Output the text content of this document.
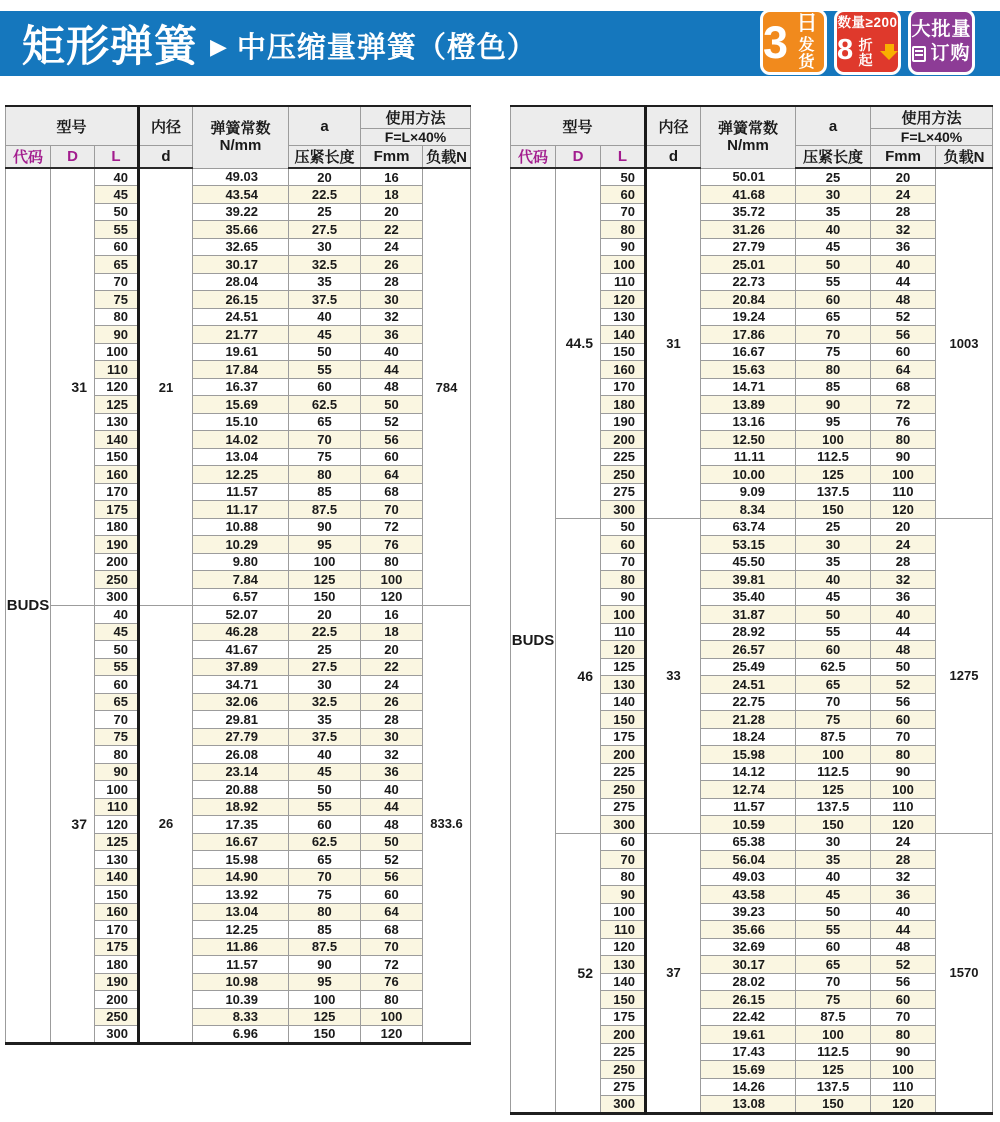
矩形弹簧 ▶ 中压缩量弹簧（橙色）	3 日
发货
数量≥200
8 折起
大批量
订购
型号			内径	弹簧常数
N/mm	a	使用方法	
						F=L×40%	
代码	D	L	d		压紧长度	Fmm	负载N
BUDS	31	40	21	49.03	20	16	784
		45		43.54	22.5	18	
		50		39.22	25	20	
		55		35.66	27.5	22	
		60		32.65	30	24	
		65		30.17	32.5	26	
		70		28.04	35	28	
		75		26.15	37.5	30	
		80		24.51	40	32	
		90		21.77	45	36	
		100		19.61	50	40	
		110		17.84	55	44	
		120		16.37	60	48	
		125		15.69	62.5	50	
		130		15.10	65	52	
		140		14.02	70	56	
		150		13.04	75	60	
		160		12.25	80	64	
		170		11.57	85	68	
		175		11.17	87.5	70	
		180		10.88	90	72	
		190		10.29	95	76	
		200		9.80	100	80	
		250		7.84	125	100	
		300		6.57	150	120	
	37	40	26	52.07	20	16	833.6
		45		46.28	22.5	18	
		50		41.67	25	20	
		55		37.89	27.5	22	
		60		34.71	30	24	
		65		32.06	32.5	26	
		70		29.81	35	28	
		75		27.79	37.5	30	
		80		26.08	40	32	
		90		23.14	45	36	
		100		20.88	50	40	
		110		18.92	55	44	
		120		17.35	60	48	
		125		16.67	62.5	50	
		130		15.98	65	52	
		140		14.90	70	56	
		150		13.92	75	60	
		160		13.04	80	64	
		170		12.25	85	68	
		175		11.86	87.5	70	
		180		11.57	90	72	
		190		10.98	95	76	
		200		10.39	100	80	
		250		8.33	125	100	
		300		6.96	150	120	
型号			内径	弹簧常数
N/mm	a	使用方法	
						F=L×40%	
代码	D	L	d		压紧长度	Fmm	负载N
BUDS	44.5	50	31	50.01	25	20	1003
		60		41.68	30	24	
		70		35.72	35	28	
		80		31.26	40	32	
		90		27.79	45	36	
		100		25.01	50	40	
		110		22.73	55	44	
		120		20.84	60	48	
		130		19.24	65	52	
		140		17.86	70	56	
		150		16.67	75	60	
		160		15.63	80	64	
		170		14.71	85	68	
		180		13.89	90	72	
		190		13.16	95	76	
		200		12.50	100	80	
		225		11.11	112.5	90	
		250		10.00	125	100	
		275		9.09	137.5	110	
		300		8.34	150	120	
	46	50	33	63.74	25	20	1275
		60		53.15	30	24	
		70		45.50	35	28	
		80		39.81	40	32	
		90		35.40	45	36	
		100		31.87	50	40	
		110		28.92	55	44	
		120		26.57	60	48	
		125		25.49	62.5	50	
		130		24.51	65	52	
		140		22.75	70	56	
		150		21.28	75	60	
		175		18.24	87.5	70	
		200		15.98	100	80	
		225		14.12	112.5	90	
		250		12.74	125	100	
		275		11.57	137.5	110	
		300		10.59	150	120	
	52	60	37	65.38	30	24	1570
		70		56.04	35	28	
		80		49.03	40	32	
		90		43.58	45	36	
		100		39.23	50	40	
		110		35.66	55	44	
		120		32.69	60	48	
		130		30.17	65	52	
		140		28.02	70	56	
		150		26.15	75	60	
		175		22.42	87.5	70	
		200		19.61	100	80	
		225		17.43	112.5	90	
		250		15.69	125	100	
		275		14.26	137.5	110	
		300		13.08	150	120	
